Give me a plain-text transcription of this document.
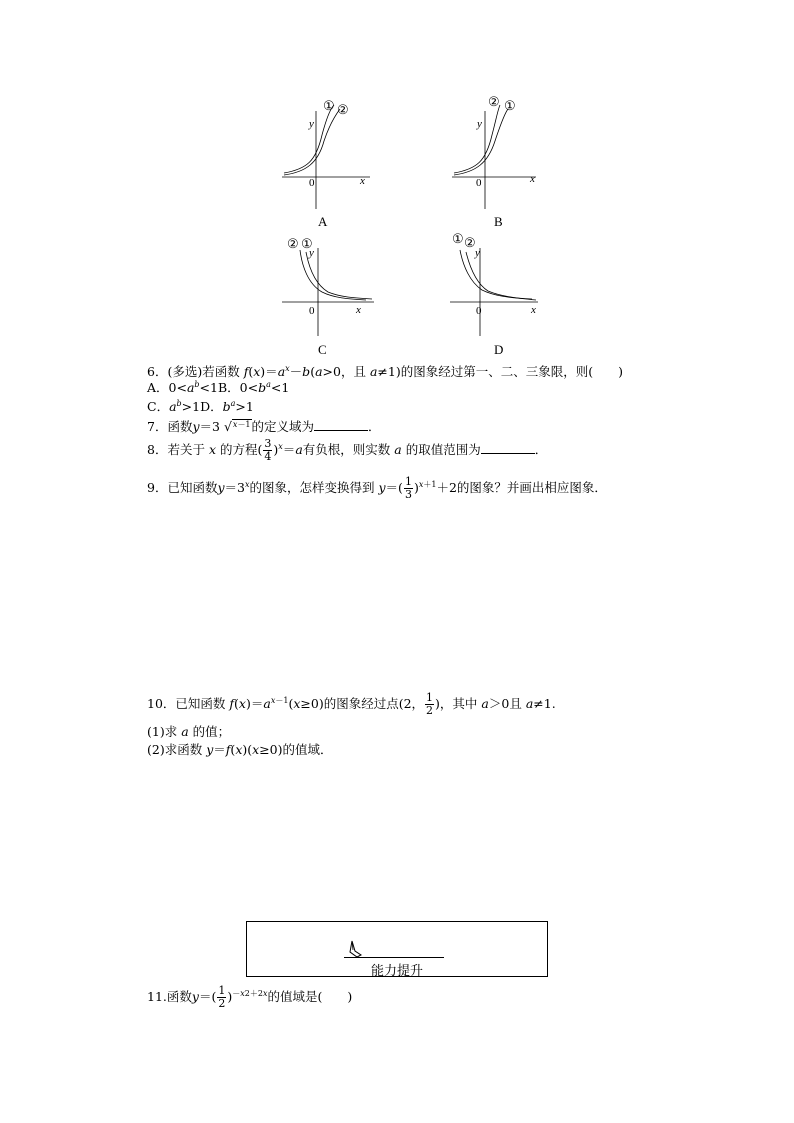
① ②
y
x
0
A
② ①
y
x
0
B
② ①
y
x
0
C
① ②
y
x
0
D
6．(多选)若函数 $f(x)=a^x-b(a>0$，且 a≠1)的图象经过第一、二、三象限，则(　　)
A．$0<a^b<1B$．$0<b^a<1$
C．$a^b>1D$．$b^a>1$
7．函数y＝3 √x－1的定义域为	．
8．若关于 x 的方程( $\frac{3}{4} )^x=a$有负根，则实数 a 的取值范围为	．
9．已知函数$y=3^x$的图象，怎样变换得到 $y=( \frac{1}{3} )^{x+1}+2$的图象？并画出相应图象．
10．已知函数 $f(x)=a^{x-1}(x\ge 0)$的图象经过点(2， $\frac{1}{2}$ )，其中 a＞0且 a≠1.
(1)求 a 的值；
(2)求函数 y＝f(x)(x≥0)的值域．
能力提升
11.函数$y=( \frac{1}{2} )^{-x2+2x}$的值域是(　　)
